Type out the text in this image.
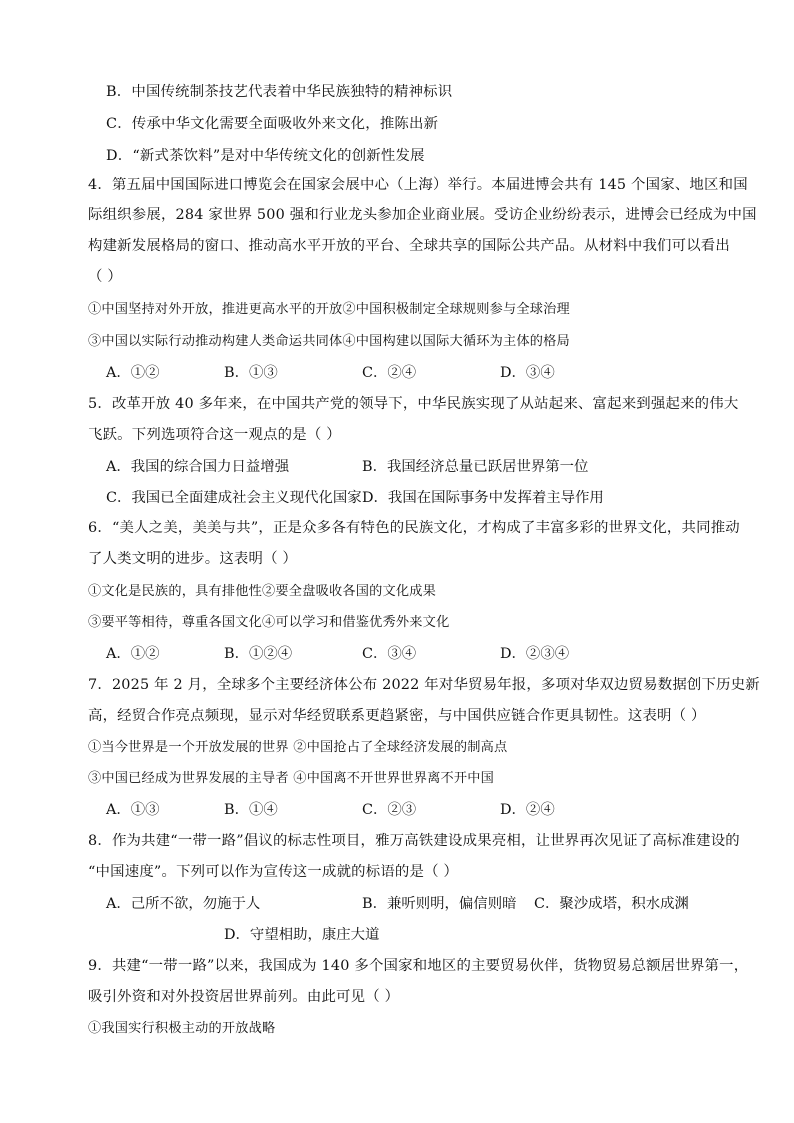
B．中国传统制茶技艺代表着中华民族独特的精神标识
C．传承中华文化需要全面吸收外来文化，推陈出新
D．“新式茶饮料”是对中华传统文化的创新性发展
4．第五届中国国际进口博览会在国家会展中心（上海）举行。本届进博会共有 145 个国家、地区和国
际组织参展，284 家世界 500 强和行业龙头参加企业商业展。受访企业纷纷表示，进博会已经成为中国
构建新发展格局的窗口、推动高水平开放的平台、全球共享的国际公共产品。从材料中我们可以看出
（ ）
①中国坚持对外开放，推进更高水平的开放②中国积极制定全球规则参与全球治理
③中国以实际行动推动构建人类命运共同体④中国构建以国际大循环为主体的格局
A．①②	B．①③	C．②④	D．③④
5．改革开放 40 多年来，在中国共产党的领导下，中华民族实现了从站起来、富起来到强起来的伟大
飞跃。下列选项符合这一观点的是（ ）
A．我国的综合国力日益增强	B．我国经济总量已跃居世界第一位
C．我国已全面建成社会主义现代化国家 D．我国在国际事务中发挥着主导作用
6．“美人之美，美美与共”，正是众多各有特色的民族文化，才构成了丰富多彩的世界文化，共同推动
了人类文明的进步。这表明（ ）
①文化是民族的，具有排他性②要全盘吸收各国的文化成果
③要平等相待，尊重各国文化④可以学习和借鉴优秀外来文化
A．①②	B．①②④	C．③④	D．②③④
7．2025 年 2 月，全球多个主要经济体公布 2022 年对华贸易年报，多项对华双边贸易数据创下历史新
高，经贸合作亮点频现，显示对华经贸联系更趋紧密，与中国供应链合作更具韧性。这表明（ ）
①当今世界是一个开放发展的世界 ②中国抢占了全球经济发展的制高点
③中国已经成为世界发展的主导者 ④中国离不开世界世界离不开中国
A．①③	B．①④	C．②③	D．②④
8．作为共建“一带一路”倡议的标志性项目，雅万高铁建设成果亮相，让世界再次见证了高标准建设的
“中国速度”。下列可以作为宣传这一成就的标语的是（ ）
A．己所不欲，勿施于人	B．兼听则明，偏信则暗 C．聚沙成塔，积水成渊
D．守望相助，康庄大道
9．共建“一带一路”以来，我国成为 140 多个国家和地区的主要贸易伙伴，货物贸易总额居世界第一，
吸引外资和对外投资居世界前列。由此可见（ ）
①我国实行积极主动的开放战略
